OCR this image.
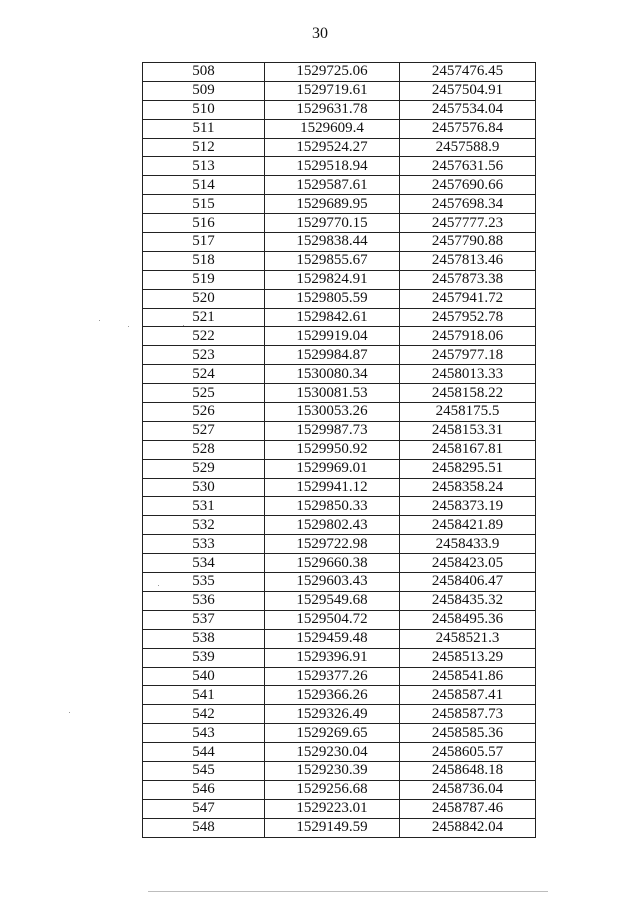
30
508	1529725.06	2457476.45
509	1529719.61	2457504.91
510	1529631.78	2457534.04
511	1529609.4	2457576.84
512	1529524.27	2457588.9
513	1529518.94	2457631.56
514	1529587.61	2457690.66
515	1529689.95	2457698.34
516	1529770.15	2457777.23
517	1529838.44	2457790.88
518	1529855.67	2457813.46
519	1529824.91	2457873.38
520	1529805.59	2457941.72
521	1529842.61	2457952.78
522	1529919.04	2457918.06
523	1529984.87	2457977.18
524	1530080.34	2458013.33
525	1530081.53	2458158.22
526	1530053.26	2458175.5
527	1529987.73	2458153.31
528	1529950.92	2458167.81
529	1529969.01	2458295.51
530	1529941.12	2458358.24
531	1529850.33	2458373.19
532	1529802.43	2458421.89
533	1529722.98	2458433.9
534	1529660.38	2458423.05
535	1529603.43	2458406.47
536	1529549.68	2458435.32
537	1529504.72	2458495.36
538	1529459.48	2458521.3
539	1529396.91	2458513.29
540	1529377.26	2458541.86
541	1529366.26	2458587.41
542	1529326.49	2458587.73
543	1529269.65	2458585.36
544	1529230.04	2458605.57
545	1529230.39	2458648.18
546	1529256.68	2458736.04
547	1529223.01	2458787.46
548	1529149.59	2458842.04
